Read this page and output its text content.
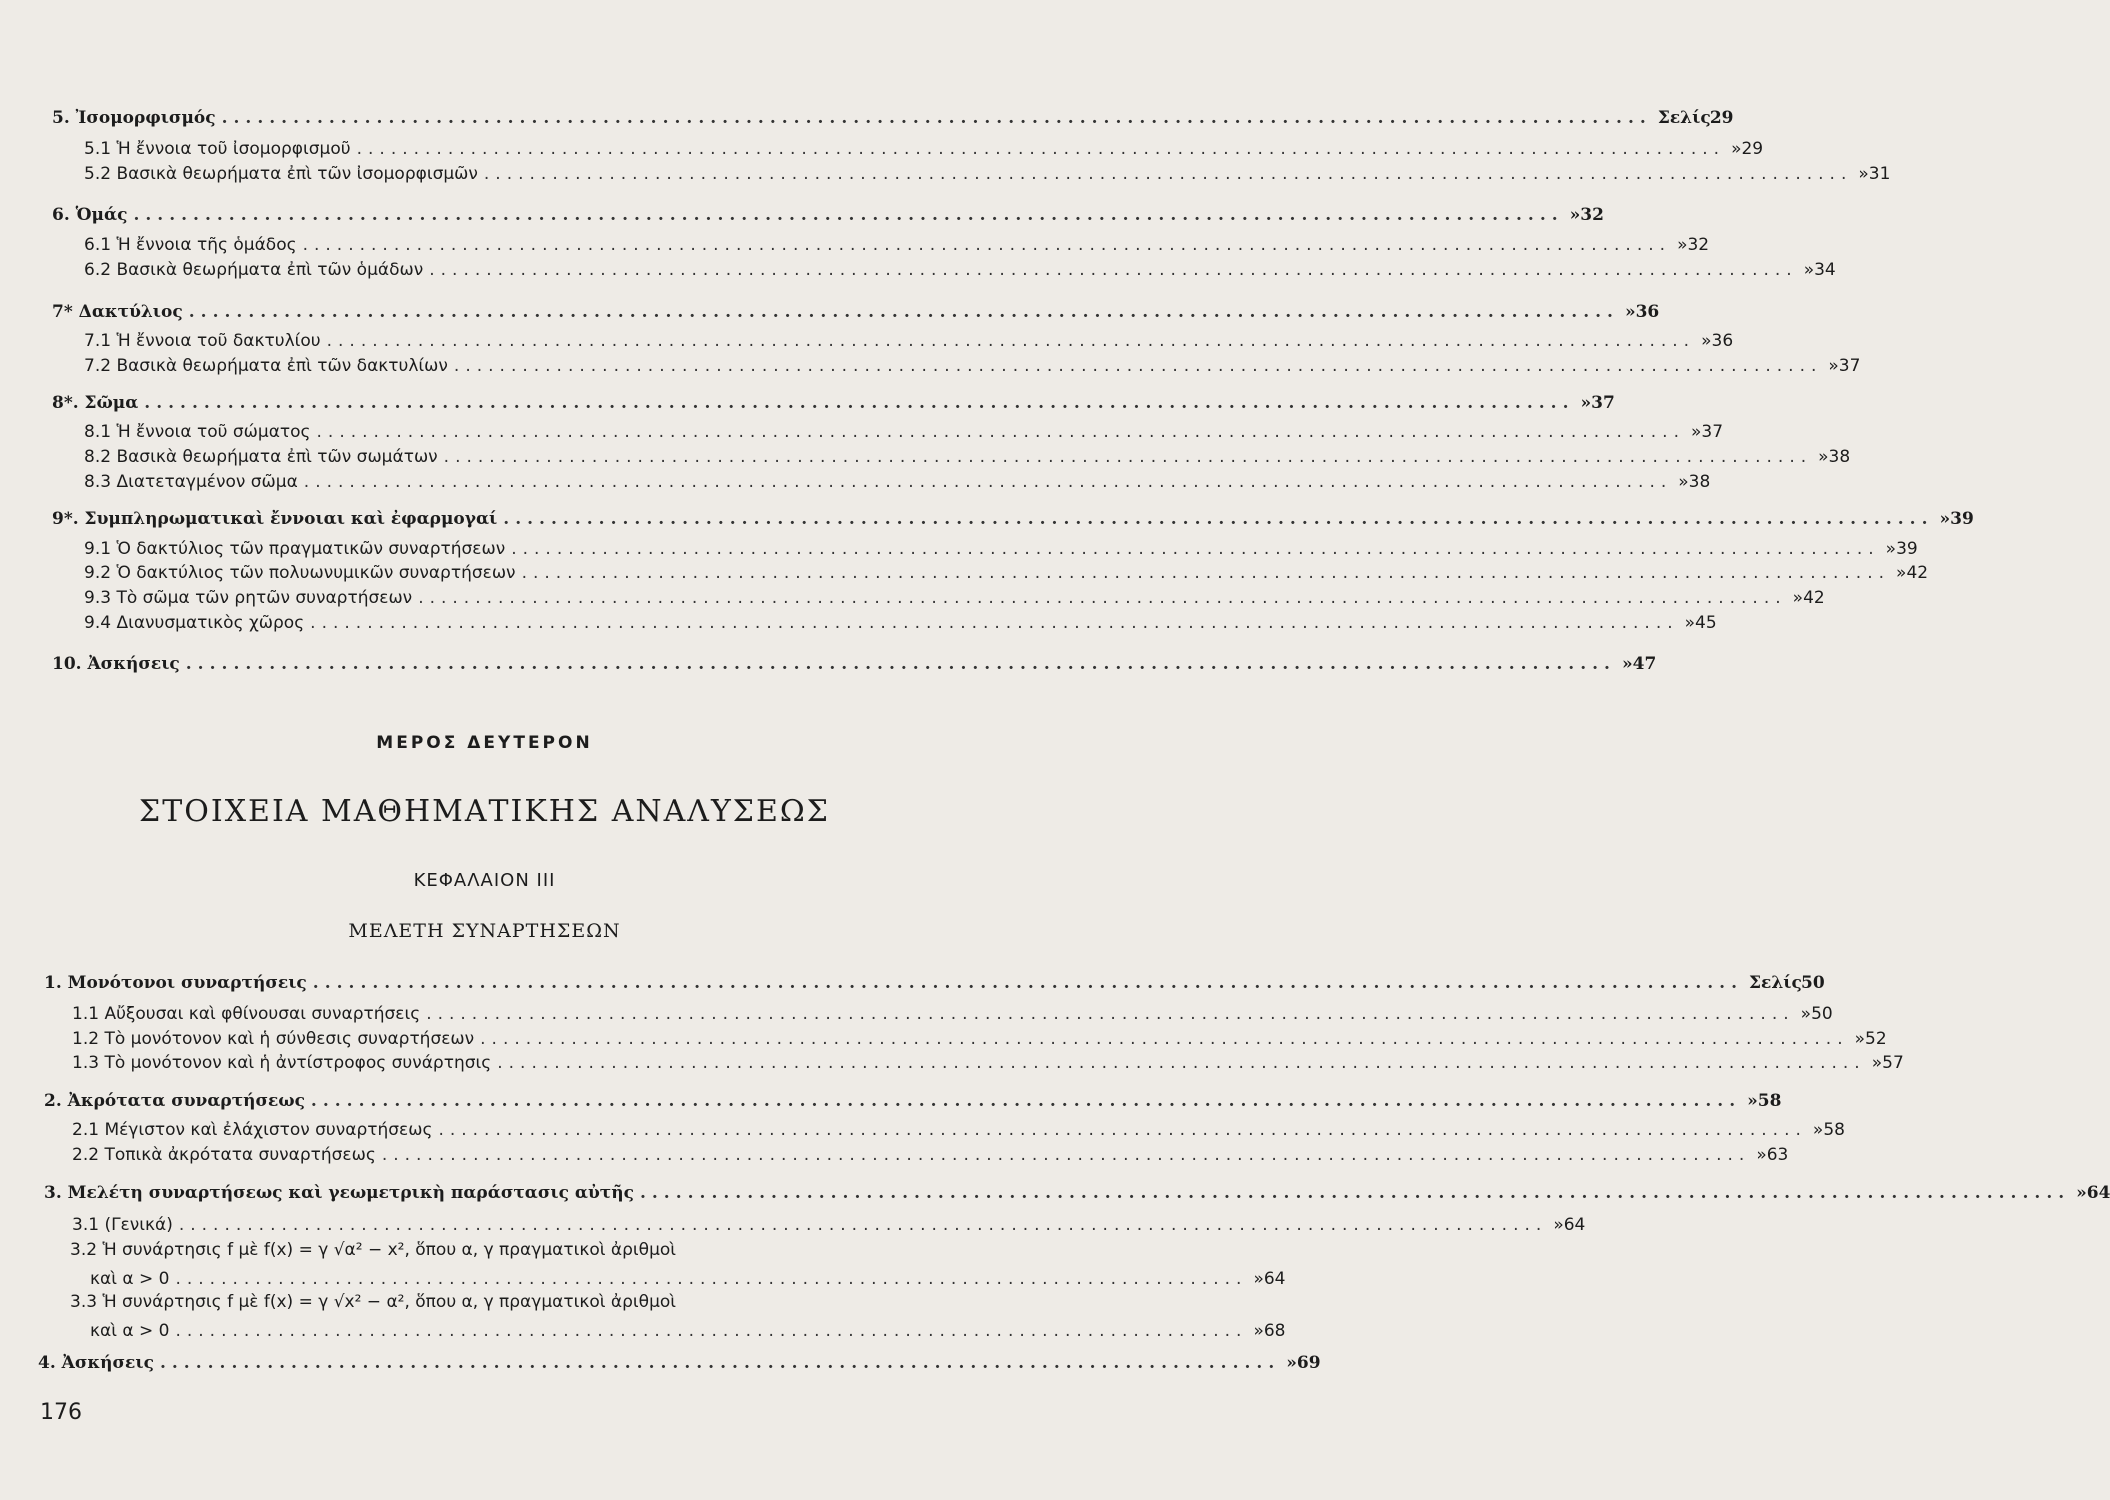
5. Ἰσομορφισμός ........................................................................................................................ Σελίς 29
5.1 Ἡ ἔννοια τοῦ ἰσομορφισμοῦ ........................................................................................................................ » 29
5.2 Βασικὰ θεωρήματα ἐπὶ τῶν ἰσομορφισμῶν ........................................................................................................................ » 31
6. Ὁμάς ........................................................................................................................ » 32
6.1 Ἡ ἔννοια τῆς ὁμάδος ........................................................................................................................ » 32
6.2 Βασικὰ θεωρήματα ἐπὶ τῶν ὁμάδων ........................................................................................................................ » 34
7* Δακτύλιος ........................................................................................................................ » 36
7.1 Ἡ ἔννοια τοῦ δακτυλίου ........................................................................................................................ » 36
7.2 Βασικὰ θεωρήματα ἐπὶ τῶν δακτυλίων ........................................................................................................................ » 37
8*. Σῶμα ........................................................................................................................ » 37
8.1 Ἡ ἔννοια τοῦ σώματος ........................................................................................................................ » 37
8.2 Βασικὰ θεωρήματα ἐπὶ τῶν σωμάτων ........................................................................................................................ » 38
8.3 Διατεταγμένον σῶμα ........................................................................................................................ » 38
9*. Συμπληρωματικαὶ ἔννοιαι καὶ ἐφαρμογαί ........................................................................................................................ » 39
9.1 Ὁ δακτύλιος τῶν πραγματικῶν συναρτήσεων ........................................................................................................................ » 39
9.2 Ὁ δακτύλιος τῶν πολυωνυμικῶν συναρτήσεων ........................................................................................................................ » 42
9.3 Τὸ σῶμα τῶν ρητῶν συναρτήσεων ........................................................................................................................ » 42
9.4 Διανυσματικὸς χῶρος ........................................................................................................................ » 45
10. Ἀσκήσεις ........................................................................................................................ » 47
ΜΕΡΟΣ ΔΕΥΤΕΡΟΝ
ΣΤΟΙΧΕΙΑ ΜΑΘΗΜΑΤΙΚΗΣ ΑΝΑΛΥΣΕΩΣ
ΚΕΦΑΛΑΙΟΝ III
ΜΕΛΕΤΗ ΣΥΝΑΡΤΗΣΕΩΝ
1. Μονότονοι συναρτήσεις ........................................................................................................................ Σελίς 50
1.1 Αὔξουσαι καὶ φθίνουσαι συναρτήσεις ........................................................................................................................ » 50
1.2 Τὸ μονότονον καὶ ἡ σύνθεσις συναρτήσεων ........................................................................................................................ » 52
1.3 Τὸ μονότονον καὶ ἡ ἀντίστροφος συνάρτησις ........................................................................................................................ » 57
2. Ἀκρότατα συναρτήσεως ........................................................................................................................ » 58
2.1 Μέγιστον καὶ ἐλάχιστον συναρτήσεως ........................................................................................................................ » 58
2.2 Τοπικὰ ἀκρότατα συναρτήσεως ........................................................................................................................ » 63
3. Μελέτη συναρτήσεως καὶ γεωμετρικὴ παράστασις αὐτῆς ........................................................................................................................ » 64
3.1 (Γενικά) ........................................................................................................................ » 64
3.2 Ἡ συνάρτησις f μὲ f(x) = γ √α² − x², ὅπου α, γ πραγματικοὶ ἀριθμοὶ
καὶ α > 0 .............................................................................................. » 64
3.3 Ἡ συνάρτησις f μὲ f(x) = γ √x² − α², ὅπου α, γ πραγματικοὶ ἀριθμοὶ
καὶ α > 0 .............................................................................................. » 68
4. Ἀσκήσεις .............................................................................................. » 69
176
